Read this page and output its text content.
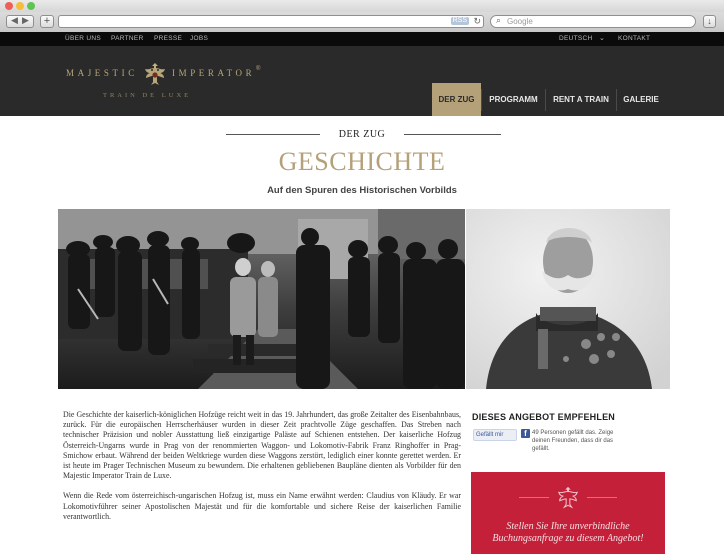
◀ ▶	+	RSS ↻ ⌕ Google	↓
ÜBER UNS PARTNER PRESSE JOBS	DEUTSCH ⌄ KONTAKT
MAJESTIC	IMPERATOR ®
TRAIN DE LUXE	DER ZUG	PROGRAMM	RENT A TRAIN	GALERIE
DER ZUG
GESCHICHTE
Auf den Spuren des Historischen Vorbilds

Die Geschichte der kaiserlich-königlichen Hofzüge reicht weit in das 19. Jahrhundert, das große Zeitalter des Eisenbahnbaus, zurück. Für die europäischen Herrscherhäuser wurden in dieser Zeit prachtvolle Züge geschaffen. Das Streben nach technischer Präzision und nobler Ausstattung ließ einzigartige Paläste auf Schienen entstehen. Der kaiserliche Hofzug Österreich-Ungarns wurde in Prag von der renommierten Waggon- und Lokomotiv-Fabrik Franz Ringhoffer in Prag-Smichow erbaut. Während der beiden Weltkriege wurden diese Waggons zerstört, lediglich einer konnte gerettet werden. Er ist heute im Prager Technischen Museum zu bewundern. Die erhaltenen gebliebenen Baupläne dienten als Vorbilder für den Majestic Imperator Train de Luxe.

Wenn die Rede vom österreichisch-ungarischen Hofzug ist, muss ein Name erwähnt werden: Claudius von Kläudy. Er war Lokomotivführer seiner Apostolischen Majestät und für die komfortable und sichere Reise der kaiserlichen Familie verantwortlich.

DIESES ANGEBOT EMPFEHLEN
Gefällt mir	f 49 Personen gefällt das. Zeige deinen Freunden, dass dir das gefällt.
Stellen Sie Ihre unverbindliche Buchungsanfrage zu diesem Angebot!
